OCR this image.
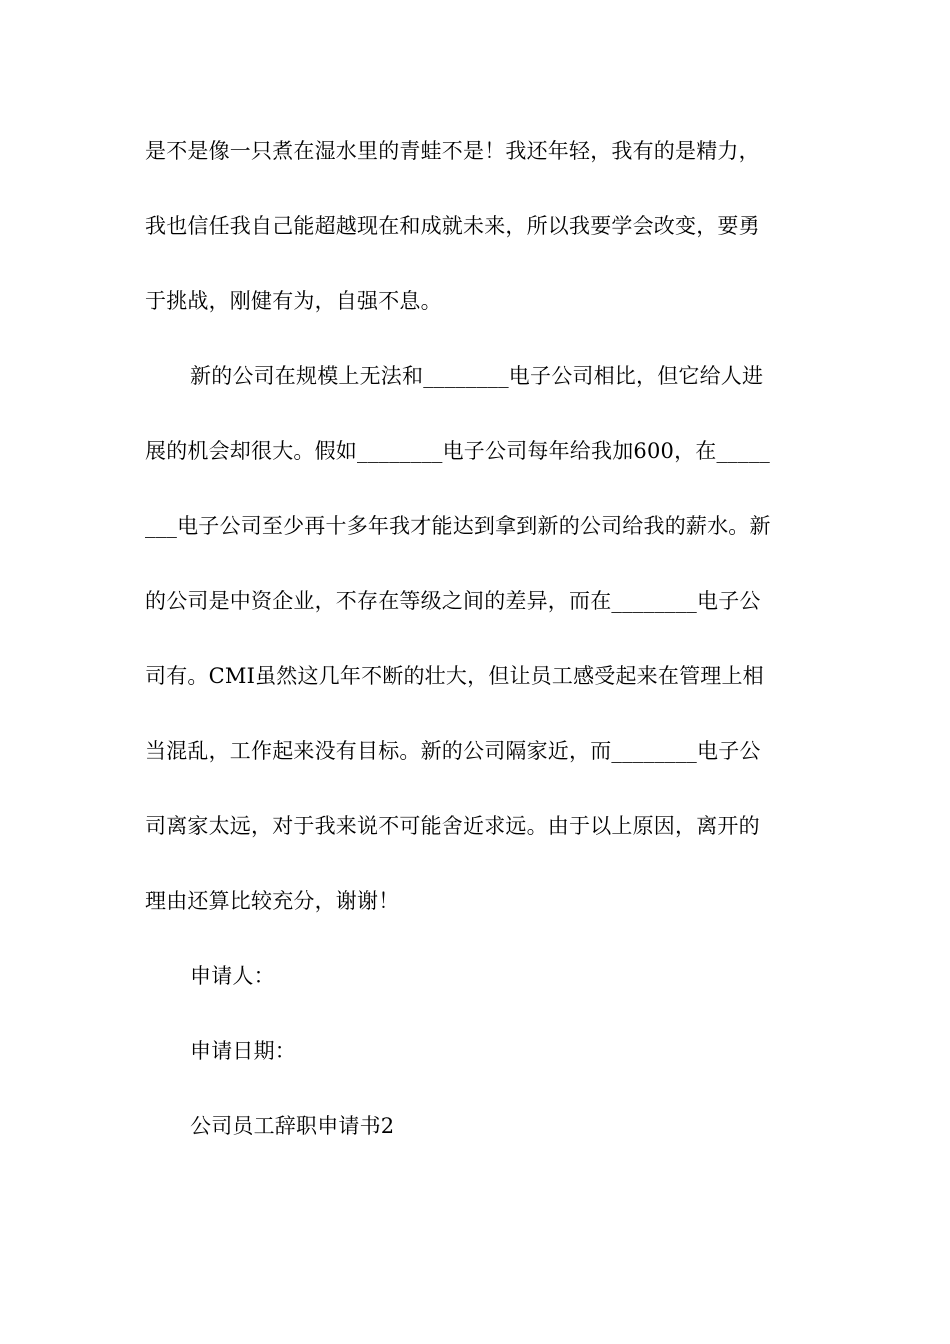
是不是像一只煮在湿水里的青蛙不是！我还年轻，我有的是精力，
我也信任我自己能超越现在和成就未来，所以我要学会改变，要勇
于挑战，刚健有为，自强不息。
新的公司在规模上无法和________电子公司相比，但它给人进
展的机会却很大。假如________电子公司每年给我加600，在_____
___电子公司至少再十多年我才能达到拿到新的公司给我的薪水。新
的公司是中资企业，不存在等级之间的差异，而在________电子公
司有。CMI虽然这几年不断的壮大，但让员工感受起来在管理上相
当混乱，工作起来没有目标。新的公司隔家近，而________电子公
司离家太远，对于我来说不可能舍近求远。由于以上原因，离开的
理由还算比较充分，谢谢！
申请人：
申请日期：
公司员工辞职申请书2
